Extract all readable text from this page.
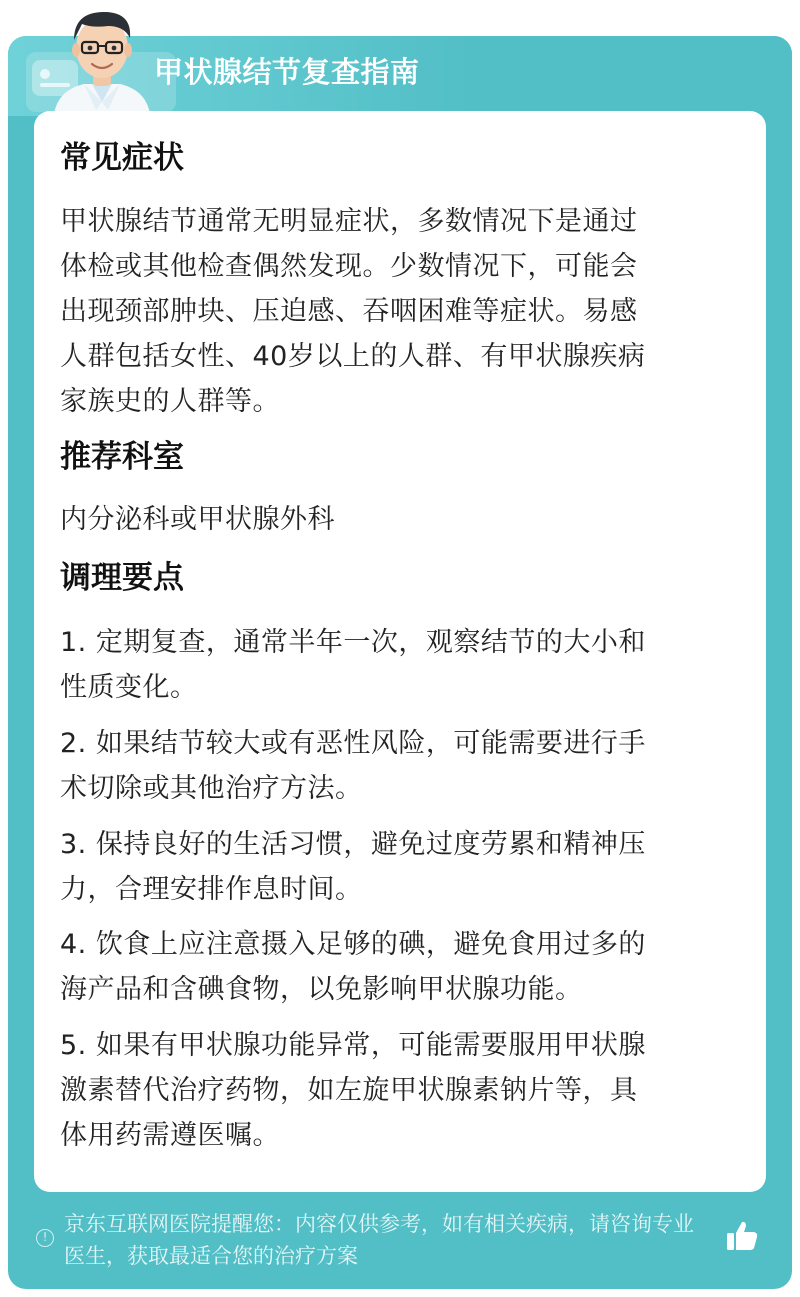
甲状腺结节复查指南
常见症状
甲状腺结节通常无明显症状，多数情况下是通过
体检或其他检查偶然发现。少数情况下，可能会
出现颈部肿块、压迫感、吞咽困难等症状。易感
人群包括女性、40岁以上的人群、有甲状腺疾病
家族史的人群等。
推荐科室
内分泌科或甲状腺外科
调理要点
1. 定期复查，通常半年一次，观察结节的大小和
性质变化。
2. 如果结节较大或有恶性风险，可能需要进行手
术切除或其他治疗方法。
3. 保持良好的生活习惯，避免过度劳累和精神压
力，合理安排作息时间。
4. 饮食上应注意摄入足够的碘，避免食用过多的
海产品和含碘食物，以免影响甲状腺功能。
5. 如果有甲状腺功能异常，可能需要服用甲状腺
激素替代治疗药物，如左旋甲状腺素钠片等，具
体用药需遵医嘱。
!
京东互联网医院提醒您：内容仅供参考，如有相关疾病，请咨询专业
医生，获取最适合您的治疗方案
